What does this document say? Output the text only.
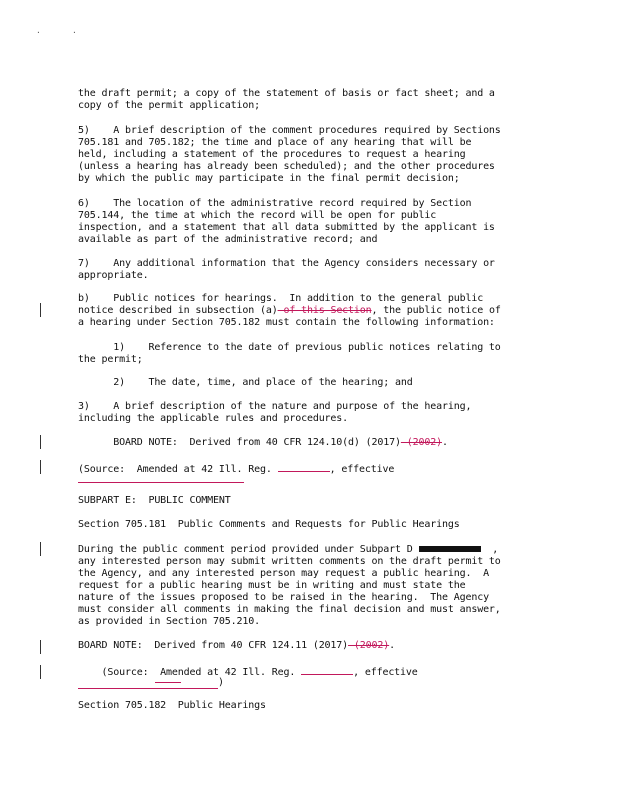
·	·
the draft permit; a copy of the statement of basis or fact sheet; and a
copy of the permit application;
5)    A brief description of the comment procedures required by Sections
705.181 and 705.182; the time and place of any hearing that will be
held, including a statement of the procedures to request a hearing
(unless a hearing has already been scheduled); and the other procedures
by which the public may participate in the final permit decision;
6)    The location of the administrative record required by Section
705.144, the time at which the record will be open for public
inspection, and a statement that all data submitted by the applicant is
available as part of the administrative record; and
7)    Any additional information that the Agency considers necessary or
appropriate.
b)    Public notices for hearings.  In addition to the general public
notice described in subsection (a) of this Section, the public notice of
a hearing under Section 705.182 must contain the following information:
1)    Reference to the date of previous public notices relating to
the permit;
2)    The date, time, and place of the hearing; and
3)    A brief description of the nature and purpose of the hearing,
including the applicable rules and procedures.
BOARD NOTE:  Derived from 40 CFR 124.10(d) (2017) (2002).
(Source:  Amended at 42 Ill. Reg.	, effective
SUBPART E:  PUBLIC COMMENT
Section 705.181  Public Comments and Requests for Public Hearings
During the public comment period provided under Subpart D	,
any interested person may submit written comments on the draft permit to
the Agency, and any interested person may request a public hearing.  A
request for a public hearing must be in writing and must state the
nature of the issues proposed to be raised in the hearing.  The Agency
must consider all comments in making the final decision and must answer,
as provided in Section 705.210.
BOARD NOTE:  Derived from 40 CFR 124.11 (2017) (2002).
(Source:  Amended at 42 Ill. Reg.	, effective
)
Section 705.182  Public Hearings
